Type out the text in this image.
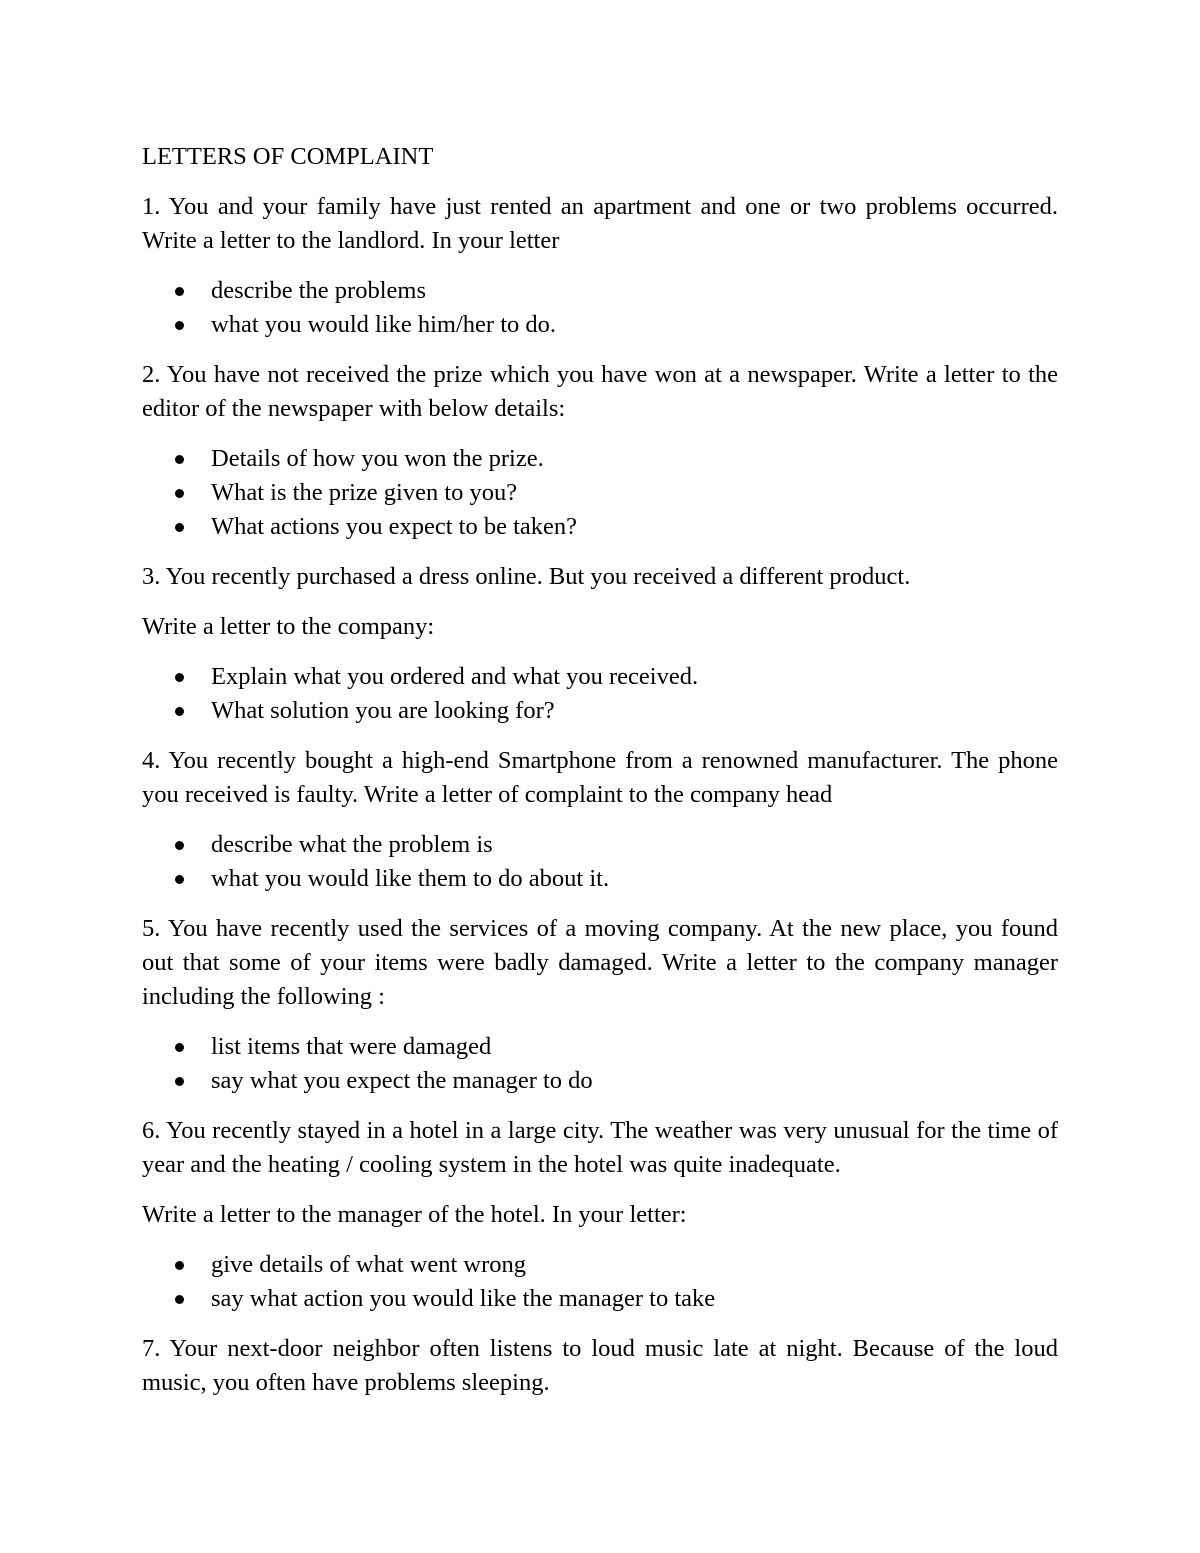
LETTERS OF COMPLAINT

1. You and your family have just rented an apartment and one or two problems occurred. Write a letter to the landlord. In your letter

describe the problems
what you would like him/her to do.

2. You have not received the prize which you have won at a newspaper. Write a letter to the editor of the newspaper with below details:

Details of how you won the prize.
What is the prize given to you?
What actions you expect to be taken?

3. You recently purchased a dress online. But you received a different product.

Write a letter to the company:

Explain what you ordered and what you received.
What solution you are looking for?

4. You recently bought a high-end Smartphone from a renowned manufacturer. The phone you received is faulty. Write a letter of complaint to the company head

describe what the problem is
what you would like them to do about it.

5. You have recently used the services of a moving company. At the new place, you found out that some of your items were badly damaged. Write a letter to the company manager including the following :

list items that were damaged
say what you expect the manager to do

6. You recently stayed in a hotel in a large city. The weather was very unusual for the time of year and the heating / cooling system in the hotel was quite inadequate.

Write a letter to the manager of the hotel. In your letter:

give details of what went wrong
say what action you would like the manager to take

7. Your next-door neighbor often listens to loud music late at night. Because of the loud music, you often have problems sleeping.
